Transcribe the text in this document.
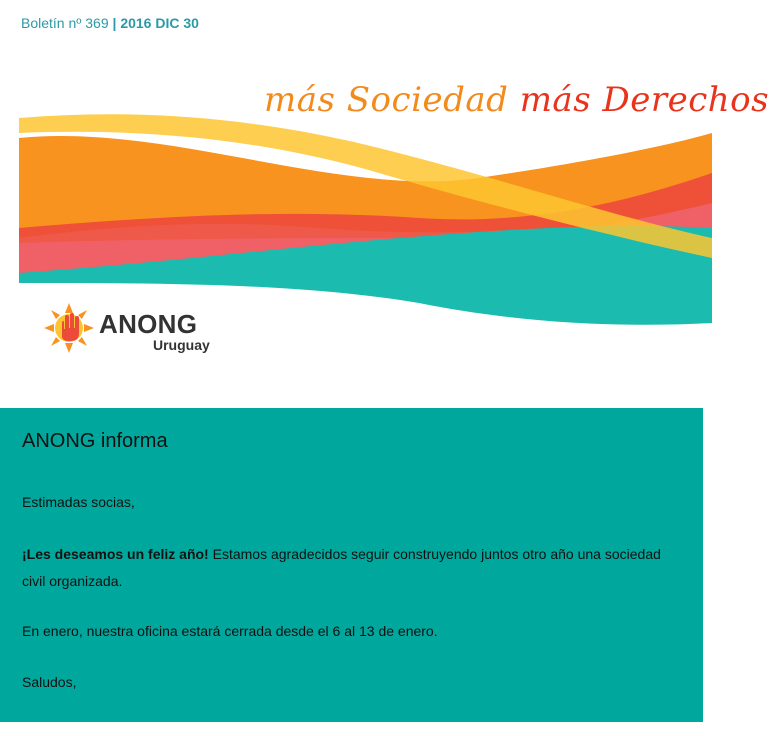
Boletín nº 369 | 2016 DIC 30
más Sociedad más Derechos
ANONG
Uruguay
ANONG informa

Estimadas socias,

¡Les deseamos un feliz año! Estamos agradecidos seguir construyendo juntos otro año una sociedad civil organizada.

En enero, nuestra oficina estará cerrada desde el 6 al 13 de enero.

Saludos,
